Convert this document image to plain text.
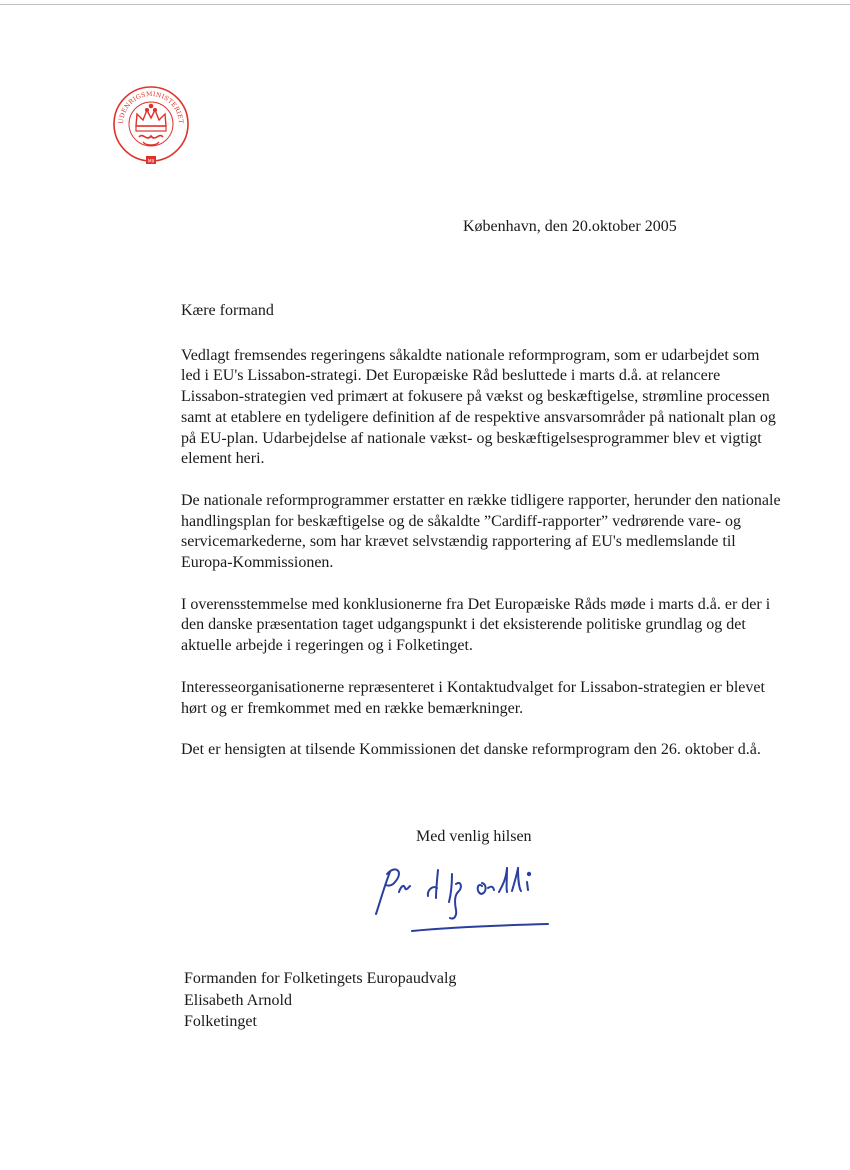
UDENRIGSMINISTERIET
MII
København, den 20.oktober 2005

Kære formand

Vedlagt fremsendes regeringens såkaldte nationale reformprogram, som er udarbejdet som led i EU's Lissabon-strategi. Det Europæiske Råd besluttede i marts d.å. at relancere Lissabon-strategien ved primært at fokusere på vækst og beskæftigelse, strømline processen samt at etablere en tydeligere definition af de respektive ansvarsområder på nationalt plan og på EU-plan. Udarbejdelse af nationale vækst- og beskæftigelsesprogrammer blev et vigtigt element heri.

De nationale reformprogrammer erstatter en række tidligere rapporter, herunder den nationale handlingsplan for beskæftigelse og de såkaldte ”Cardiff-rapporter” vedrørende vare- og servicemarkederne, som har krævet selvstændig rapportering af EU's medlemslande til Europa-Kommissionen.

I overensstemmelse med konklusionerne fra Det Europæiske Råds møde i marts d.å. er der i den danske præsentation taget udgangspunkt i det eksisterende politiske grundlag og det aktuelle arbejde i regeringen og i Folketinget.

Interesseorganisationerne repræsenteret i Kontaktudvalget for Lissabon-strategien er blevet hørt og er fremkommet med en række bemærkninger.

Det er hensigten at tilsende Kommissionen det danske reformprogram den 26. oktober d.å.

Med venlig hilsen
Formanden for Folketingets Europaudvalg
Elisabeth Arnold
Folketinget
